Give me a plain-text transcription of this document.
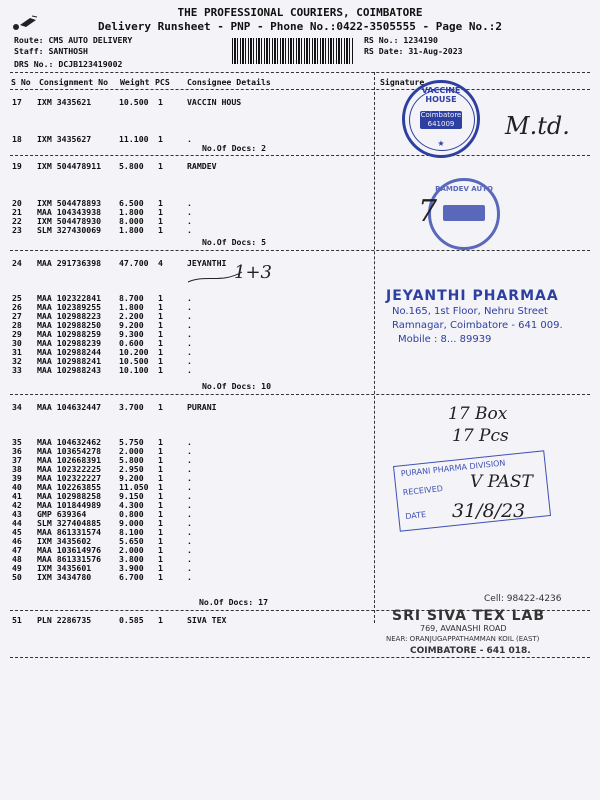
THE PROFESSIONAL COURIERS, COIMBATORE
Delivery Runsheet - PNP - Phone No.:0422-3505555 - Page No.:2
Route: CMS AUTO DELIVERY
Staff: SANTHOSH
DRS No.: DCJB123419002
RS No.: 1234190
RS Date: 31-Aug-2023
S No Consignment No Weight PCS Consignee Details	Signature
17 IXM 3435621	10.500 1	VACCIN HOUS
18 IXM 3435627	11.100 1	.
19 IXM 504478911 5.800 1	RAMDEV
20 IXM 504478893 6.500 1	.
21 MAA 104343938 1.800 1	.
22 IXM 504478930 8.000 1	.
23 SLM 327430069 1.800 1	.
24 MAA 291736398 47.700 4	JEYANTHI
25 MAA 102322841 8.700 1	.
26 MAA 102389255 1.800 1	.
27 MAA 102988223 2.200 1	.
28 MAA 102988250 9.200 1	.
29 MAA 102988259 9.300 1	.
30 MAA 102988239 0.600 1	.
31 MAA 102988244 10.200 1	.
32 MAA 102988241 10.500 1	.
33 MAA 102988243 10.100 1	.
34 MAA 104632447 3.700 1	PURANI
35 MAA 104632462 5.750 1	.
36 MAA 103654278 2.000 1	.
37 MAA 102668391 5.800 1	.
38 MAA 102322225 2.950 1	.
39 MAA 102322227 9.200 1	.
40 MAA 102263855 11.050 1	.
41 MAA 102988258 9.150 1	.
42 MAA 101844989 4.300 1	.
43 GMP 639364	0.800 1	.
44 SLM 327404885 9.000 1	.
45 MAA 861331574 8.100 1	.
46 IXM 3435602	5.650 1	.
47 MAA 103614976 2.000 1	.
48 MAA 861331576 3.800 1	.
49 IXM 3435601	3.900 1	.
50 IXM 3434780	6.700 1	.
51 PLN 2286735	0.585 1	SIVA TEX
No.Of Docs: 2
No.Of Docs: 5
No.Of Docs: 10
No.Of Docs: 17
VACCINE HOUSE
Coimbatore
641009
★
M.td.
RAMDEV AUTO
7
1+3
JEYANTHI PHARMAA
No.165, 1st Floor, Nehru Street
Ramnagar, Coimbatore - 641 009.
Mobile : 8... 89939
17 Box
17 Pcs
PURANI PHARMA DIVISION
RECEIVED
DATE
V PAST
31/8/23
Cell: 98422-4236
SRI SIVA TEX LAB
769, AVANASHI ROAD
NEAR: ORANJUGAPPATHAMMAN KOIL (EAST)
COIMBATORE - 641 018.
